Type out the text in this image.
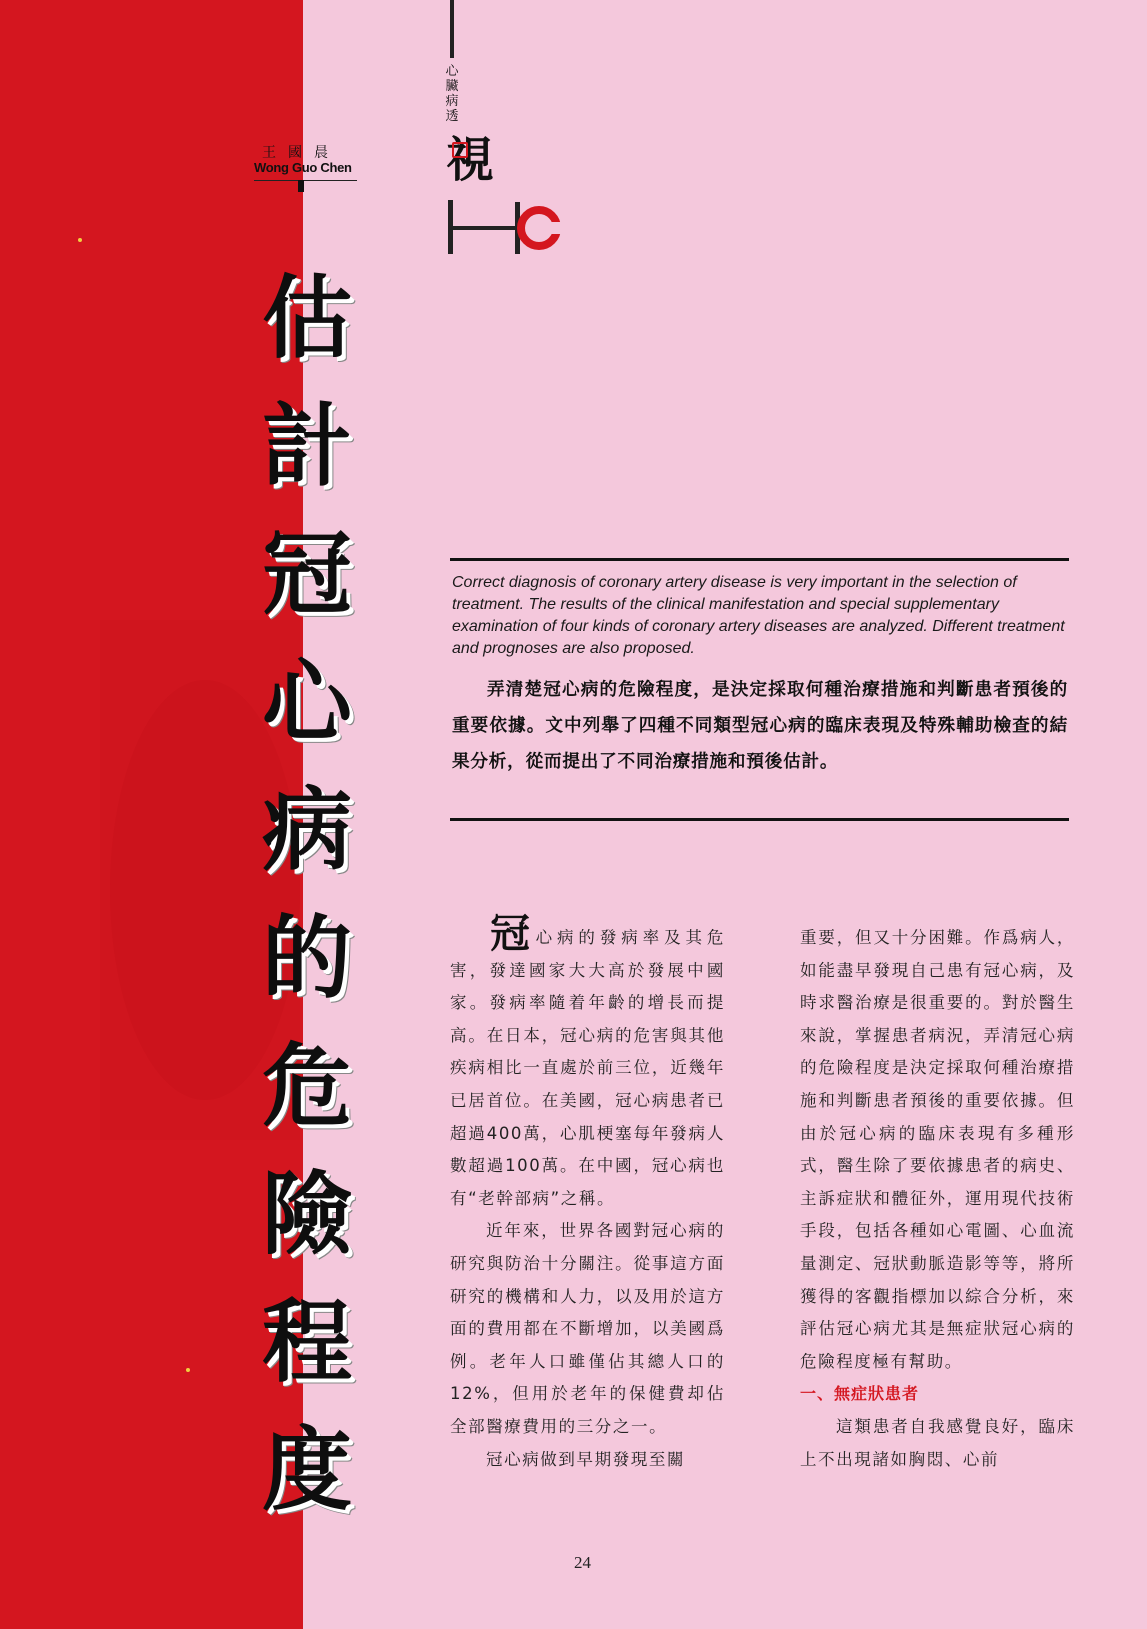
王國晨
Wong Guo Chen
心臟病透
視
估
計
冠
心
病
的
危
險
程
度

Correct diagnosis of coronary artery disease is very important in the selection of treatment. The results of the clinical manifestation and special supplementary examination of four kinds of coronary artery diseases are analyzed. Different treatment and prognoses are also proposed.

弄清楚冠心病的危險程度，是決定採取何種治療措施和判斷患者預後的重要依據。文中列舉了四種不同類型冠心病的臨床表現及特殊輔助檢查的結果分析，從而提出了不同治療措施和預後估計。

冠心病的發病率及其危害，發達國家大大高於發展中國家。發病率隨着年齡的增長而提高。在日本，冠心病的危害與其他疾病相比一直處於前三位，近幾年已居首位。在美國，冠心病患者已超過400萬，心肌梗塞每年發病人數超過100萬。在中國，冠心病也有“老幹部病”之稱。

近年來，世界各國對冠心病的研究與防治十分關注。從事這方面研究的機構和人力，以及用於這方面的費用都在不斷增加，以美國爲例。老年人口雖僅佔其總人口的12%，但用於老年的保健費却佔全部醫療費用的三分之一。

冠心病做到早期發現至關

重要，但又十分困難。作爲病人，如能盡早發現自己患有冠心病，及時求醫治療是很重要的。對於醫生來說，掌握患者病況，弄清冠心病的危險程度是決定採取何種治療措施和判斷患者預後的重要依據。但由於冠心病的臨床表現有多種形式，醫生除了要依據患者的病史、主訴症狀和體征外，運用現代技術手段，包括各種如心電圖、心血流量測定、冠狀動脈造影等等，將所獲得的客觀指標加以綜合分析，來評估冠心病尤其是無症狀冠心病的危險程度極有幫助。

一、無症狀患者

這類患者自我感覺良好，臨床上不出現諸如胸悶、心前

24
